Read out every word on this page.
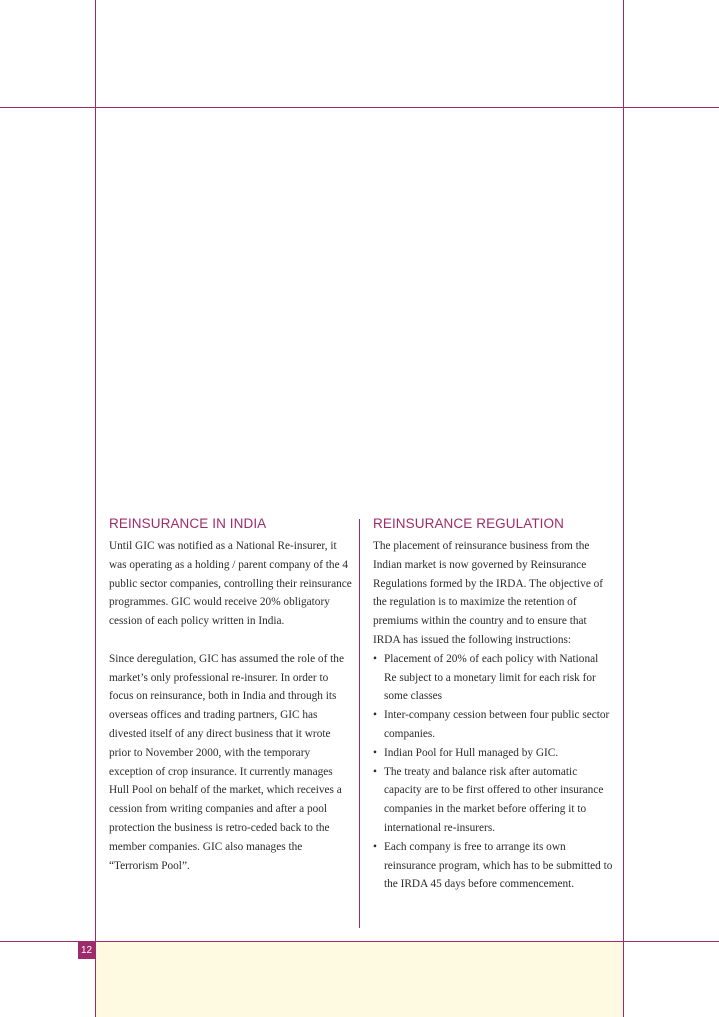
12
REINSURANCE IN INDIA

Until GIC was notified as a National Re-insurer, it was operating as a holding / parent company of the 4 public sector companies, controlling their reinsurance programmes. GIC would receive 20% obligatory cession of each policy written in India.

Since deregulation, GIC has assumed the role of the market’s only professional re-insurer. In order to focus on reinsurance, both in India and through its overseas offices and trading partners, GIC has divested itself of any direct business that it wrote prior to November 2000, with the temporary exception of crop insurance. It currently manages Hull Pool on behalf of the market, which receives a cession from writing companies and after a pool protection the business is retro-ceded back to the member companies. GIC also manages the “Terrorism Pool”.

REINSURANCE REGULATION

The placement of reinsurance business from the Indian market is now governed by Reinsurance Regulations formed by the IRDA. The objective of the regulation is to maximize the retention of premiums within the country and to ensure that IRDA has issued the following instructions:

• Placement of 20% of each policy with National Re subject to a monetary limit for each risk for some classes
• Inter-company cession between four public sector companies.
• Indian Pool for Hull managed by GIC.
• The treaty and balance risk after automatic capacity are to be first offered to other insurance companies in the market before offering it to international re-insurers.
• Each company is free to arrange its own reinsurance program, which has to be submitted to the IRDA 45 days before commencement.
